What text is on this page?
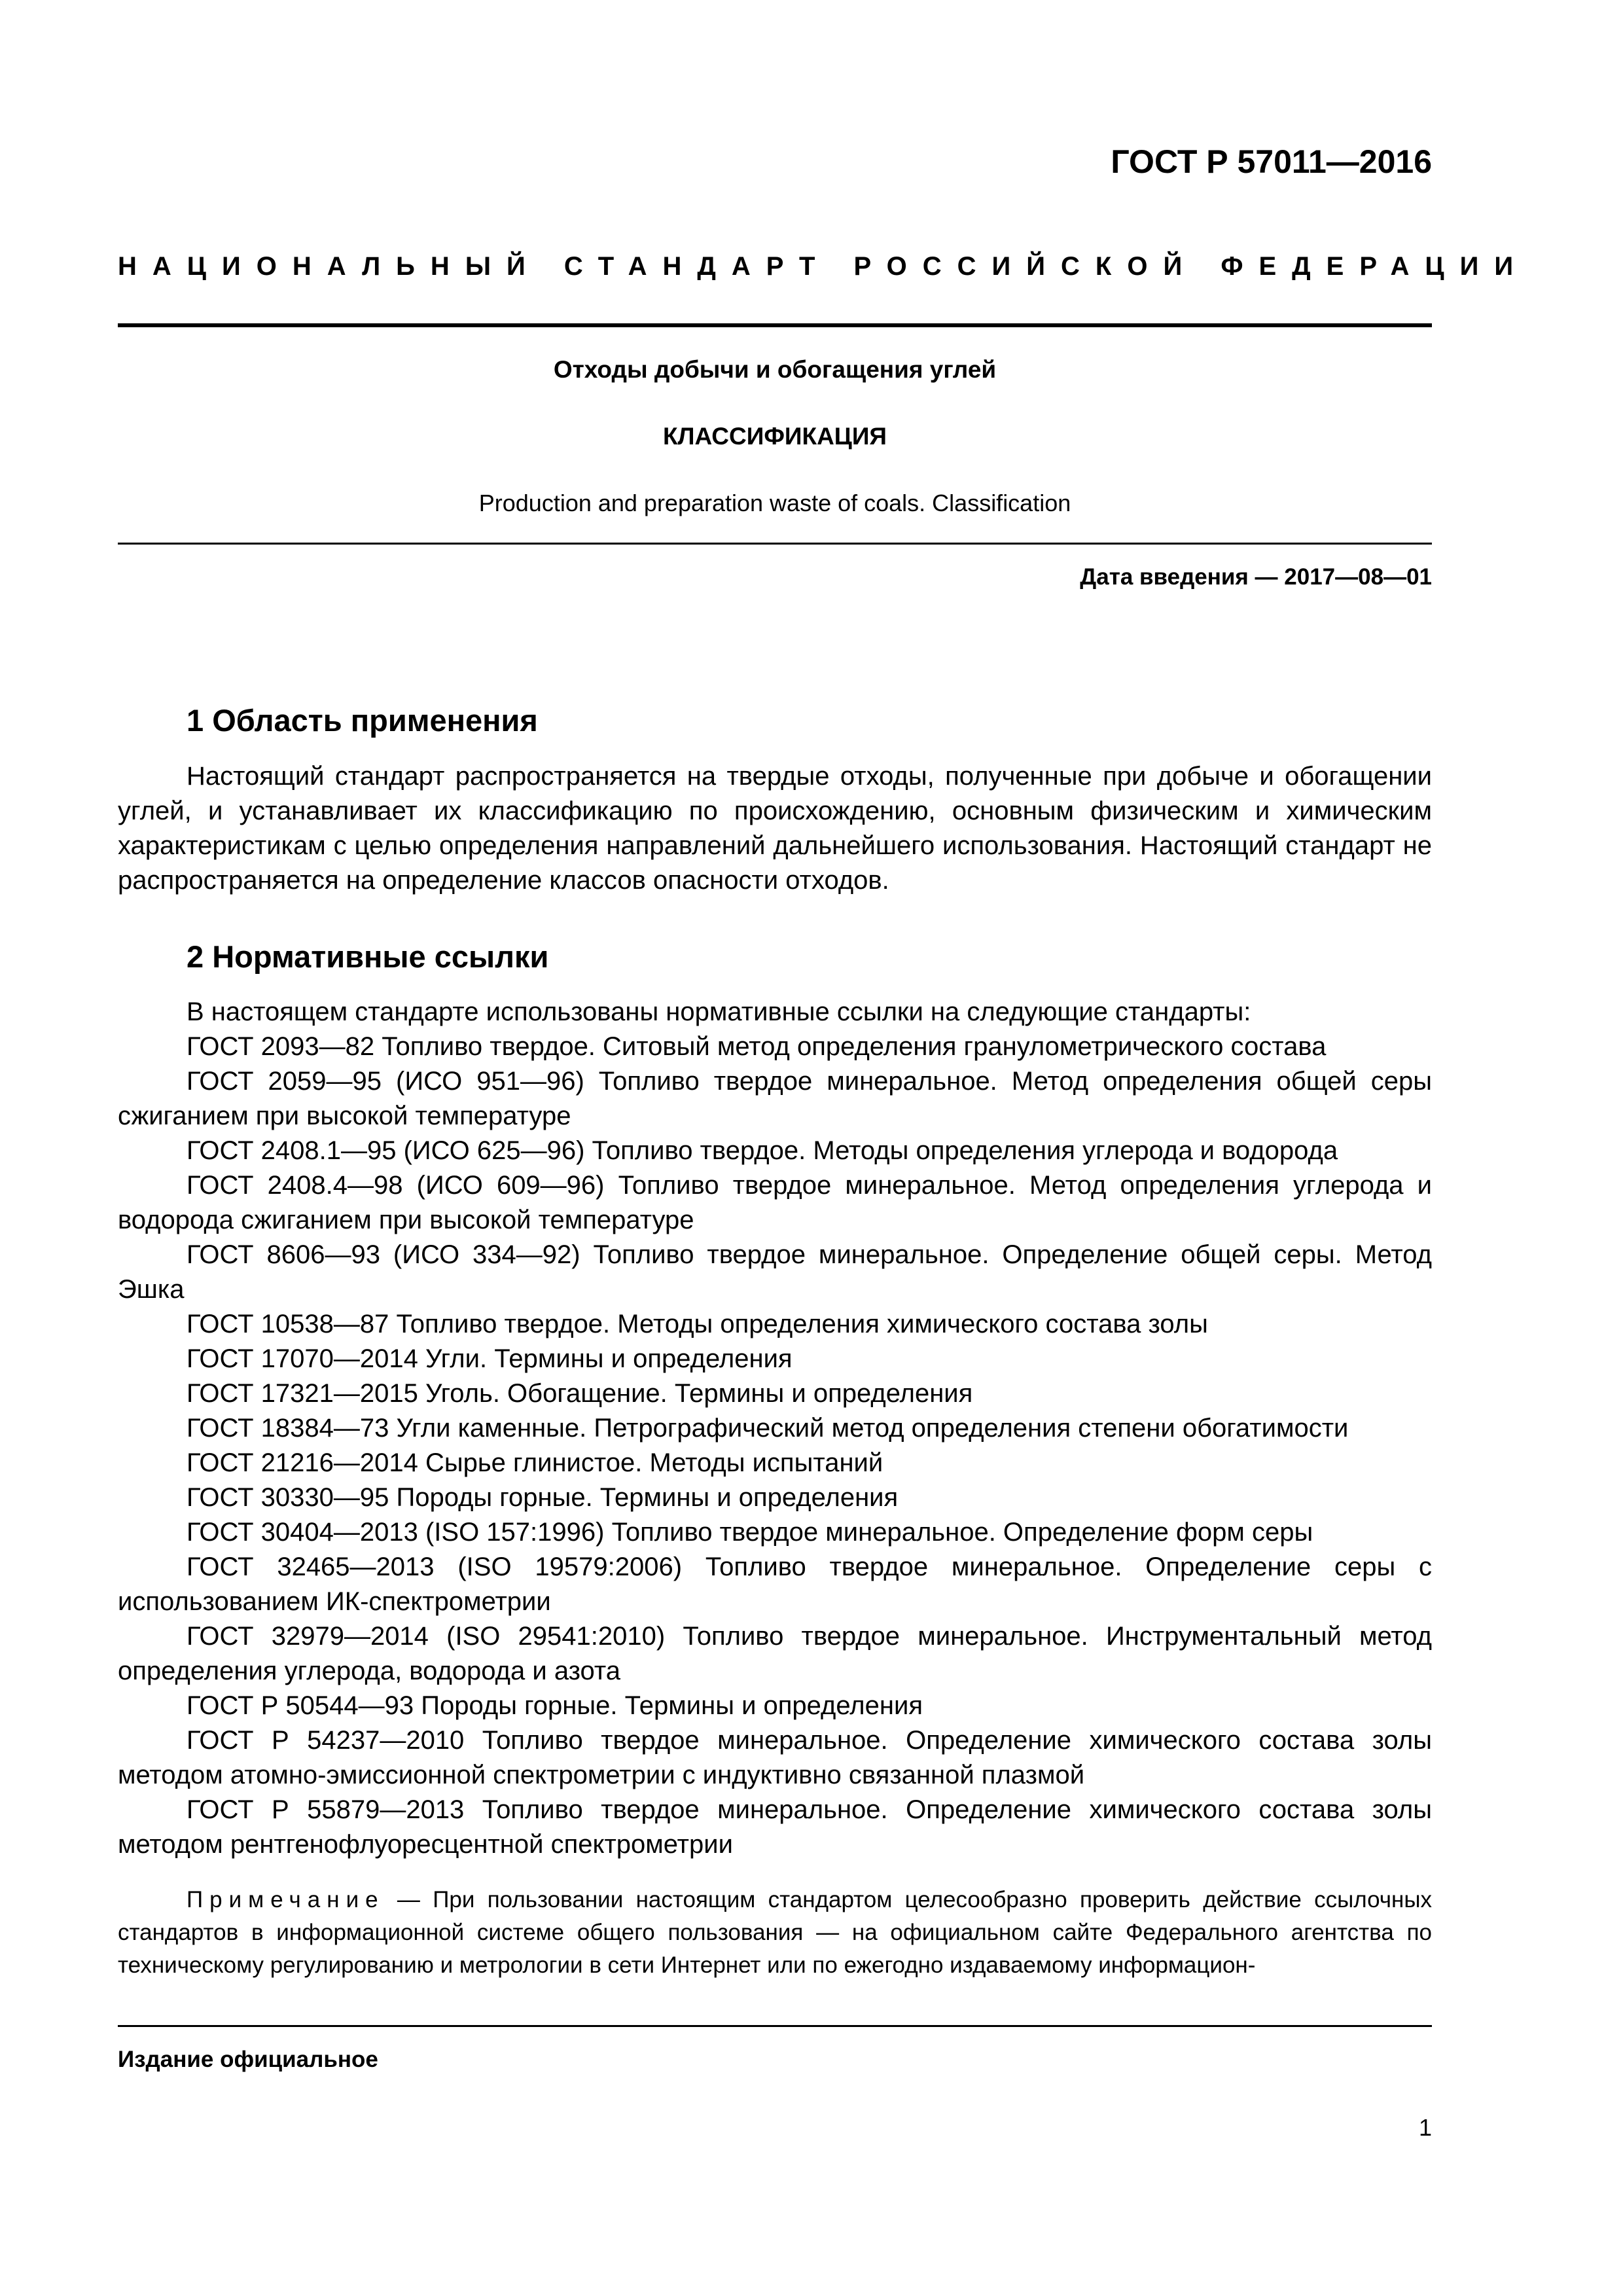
ГОСТ Р 57011—2016
НАЦИОНАЛЬНЫЙ СТАНДАРТ РОССИЙСКОЙ ФЕДЕРАЦИИ
Отходы добычи и обогащения углей
КЛАССИФИКАЦИЯ
Production and preparation waste of coals. Classification
Дата введения — 2017—08—01
1 Область применения

Настоящий стандарт распространяется на твердые отходы, полученные при добыче и обогащении углей, и устанавливает их классификацию по происхождению, основным физическим и химическим характеристикам с целью определения направлений дальнейшего использования. Настоящий стандарт не распространяется на определение классов опасности отходов.

2 Нормативные ссылки

В настоящем стандарте использованы нормативные ссылки на следующие стандарты:

ГОСТ 2093—82 Топливо твердое. Ситовый метод определения гранулометрического состава

ГОСТ 2059—95 (ИСО 951—96) Топливо твердое минеральное. Метод определения общей серы сжиганием при высокой температуре

ГОСТ 2408.1—95 (ИСО 625—96) Топливо твердое. Методы определения углерода и водорода

ГОСТ 2408.4—98 (ИСО 609—96) Топливо твердое минеральное. Метод определения углерода и водорода сжиганием при высокой температуре

ГОСТ 8606—93 (ИСО 334—92) Топливо твердое минеральное. Определение общей серы. Метод Эшка

ГОСТ 10538—87 Топливо твердое. Методы определения химического состава золы

ГОСТ 17070—2014 Угли. Термины и определения

ГОСТ 17321—2015 Уголь. Обогащение. Термины и определения

ГОСТ 18384—73 Угли каменные. Петрографический метод определения степени обогатимости

ГОСТ 21216—2014 Сырье глинистое. Методы испытаний

ГОСТ 30330—95 Породы горные. Термины и определения

ГОСТ 30404—2013 (ISO 157:1996) Топливо твердое минеральное. Определение форм серы

ГОСТ 32465—2013 (ISO 19579:2006) Топливо твердое минеральное. Определение серы с использованием ИК-спектрометрии

ГОСТ 32979—2014 (ISO 29541:2010) Топливо твердое минеральное. Инструментальный метод определения углерода, водорода и азота

ГОСТ Р 50544—93 Породы горные. Термины и определения

ГОСТ Р 54237—2010 Топливо твердое минеральное. Определение химического состава золы методом атомно-эмиссионной спектрометрии с индуктивно связанной плазмой

ГОСТ Р 55879—2013 Топливо твердое минеральное. Определение химического состава золы методом рентгенофлуоресцентной спектрометрии

Примечание — При пользовании настоящим стандартом целесообразно проверить действие ссылочных стандартов в информационной системе общего пользования — на официальном сайте Федерального агентства по техническому регулированию и метрологии в сети Интернет или по ежегодно издаваемому информацион-
Издание официальное
1
